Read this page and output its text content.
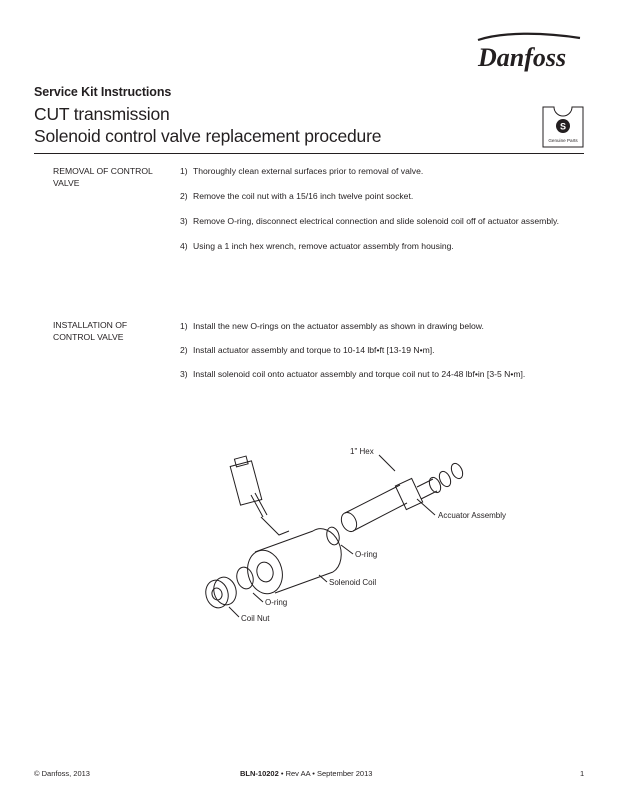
Danfoss
S
Genuine Parts
Service Kit Instructions
CUT transmission
Solenoid control valve replacement procedure
REMOVAL OF CONTROL VALVE
1) Thoroughly clean external surfaces prior to removal of valve.
2) Remove the coil nut with a 15/16 inch twelve point socket.
3) Remove O-ring, disconnect electrical connection and slide solenoid coil off of actuator assembly.
4) Using a 1 inch hex wrench, remove actuator assembly from housing.
INSTALLATION OF CONTROL VALVE
1) Install the new O-rings on the actuator assembly as shown in drawing below.
2) Install actuator assembly and torque to 10-14 lbf•ft [13-19 N•m].
3) Install solenoid coil onto actuator assembly and torque coil nut to 24-48 lbf•in [3-5 N•m].
1" Hex
Accuator Assembly
O-ring
Solenoid Coil
O-ring
Coil Nut
© Danfoss, 2013	BLN-10202 • Rev AA • September 2013	1
